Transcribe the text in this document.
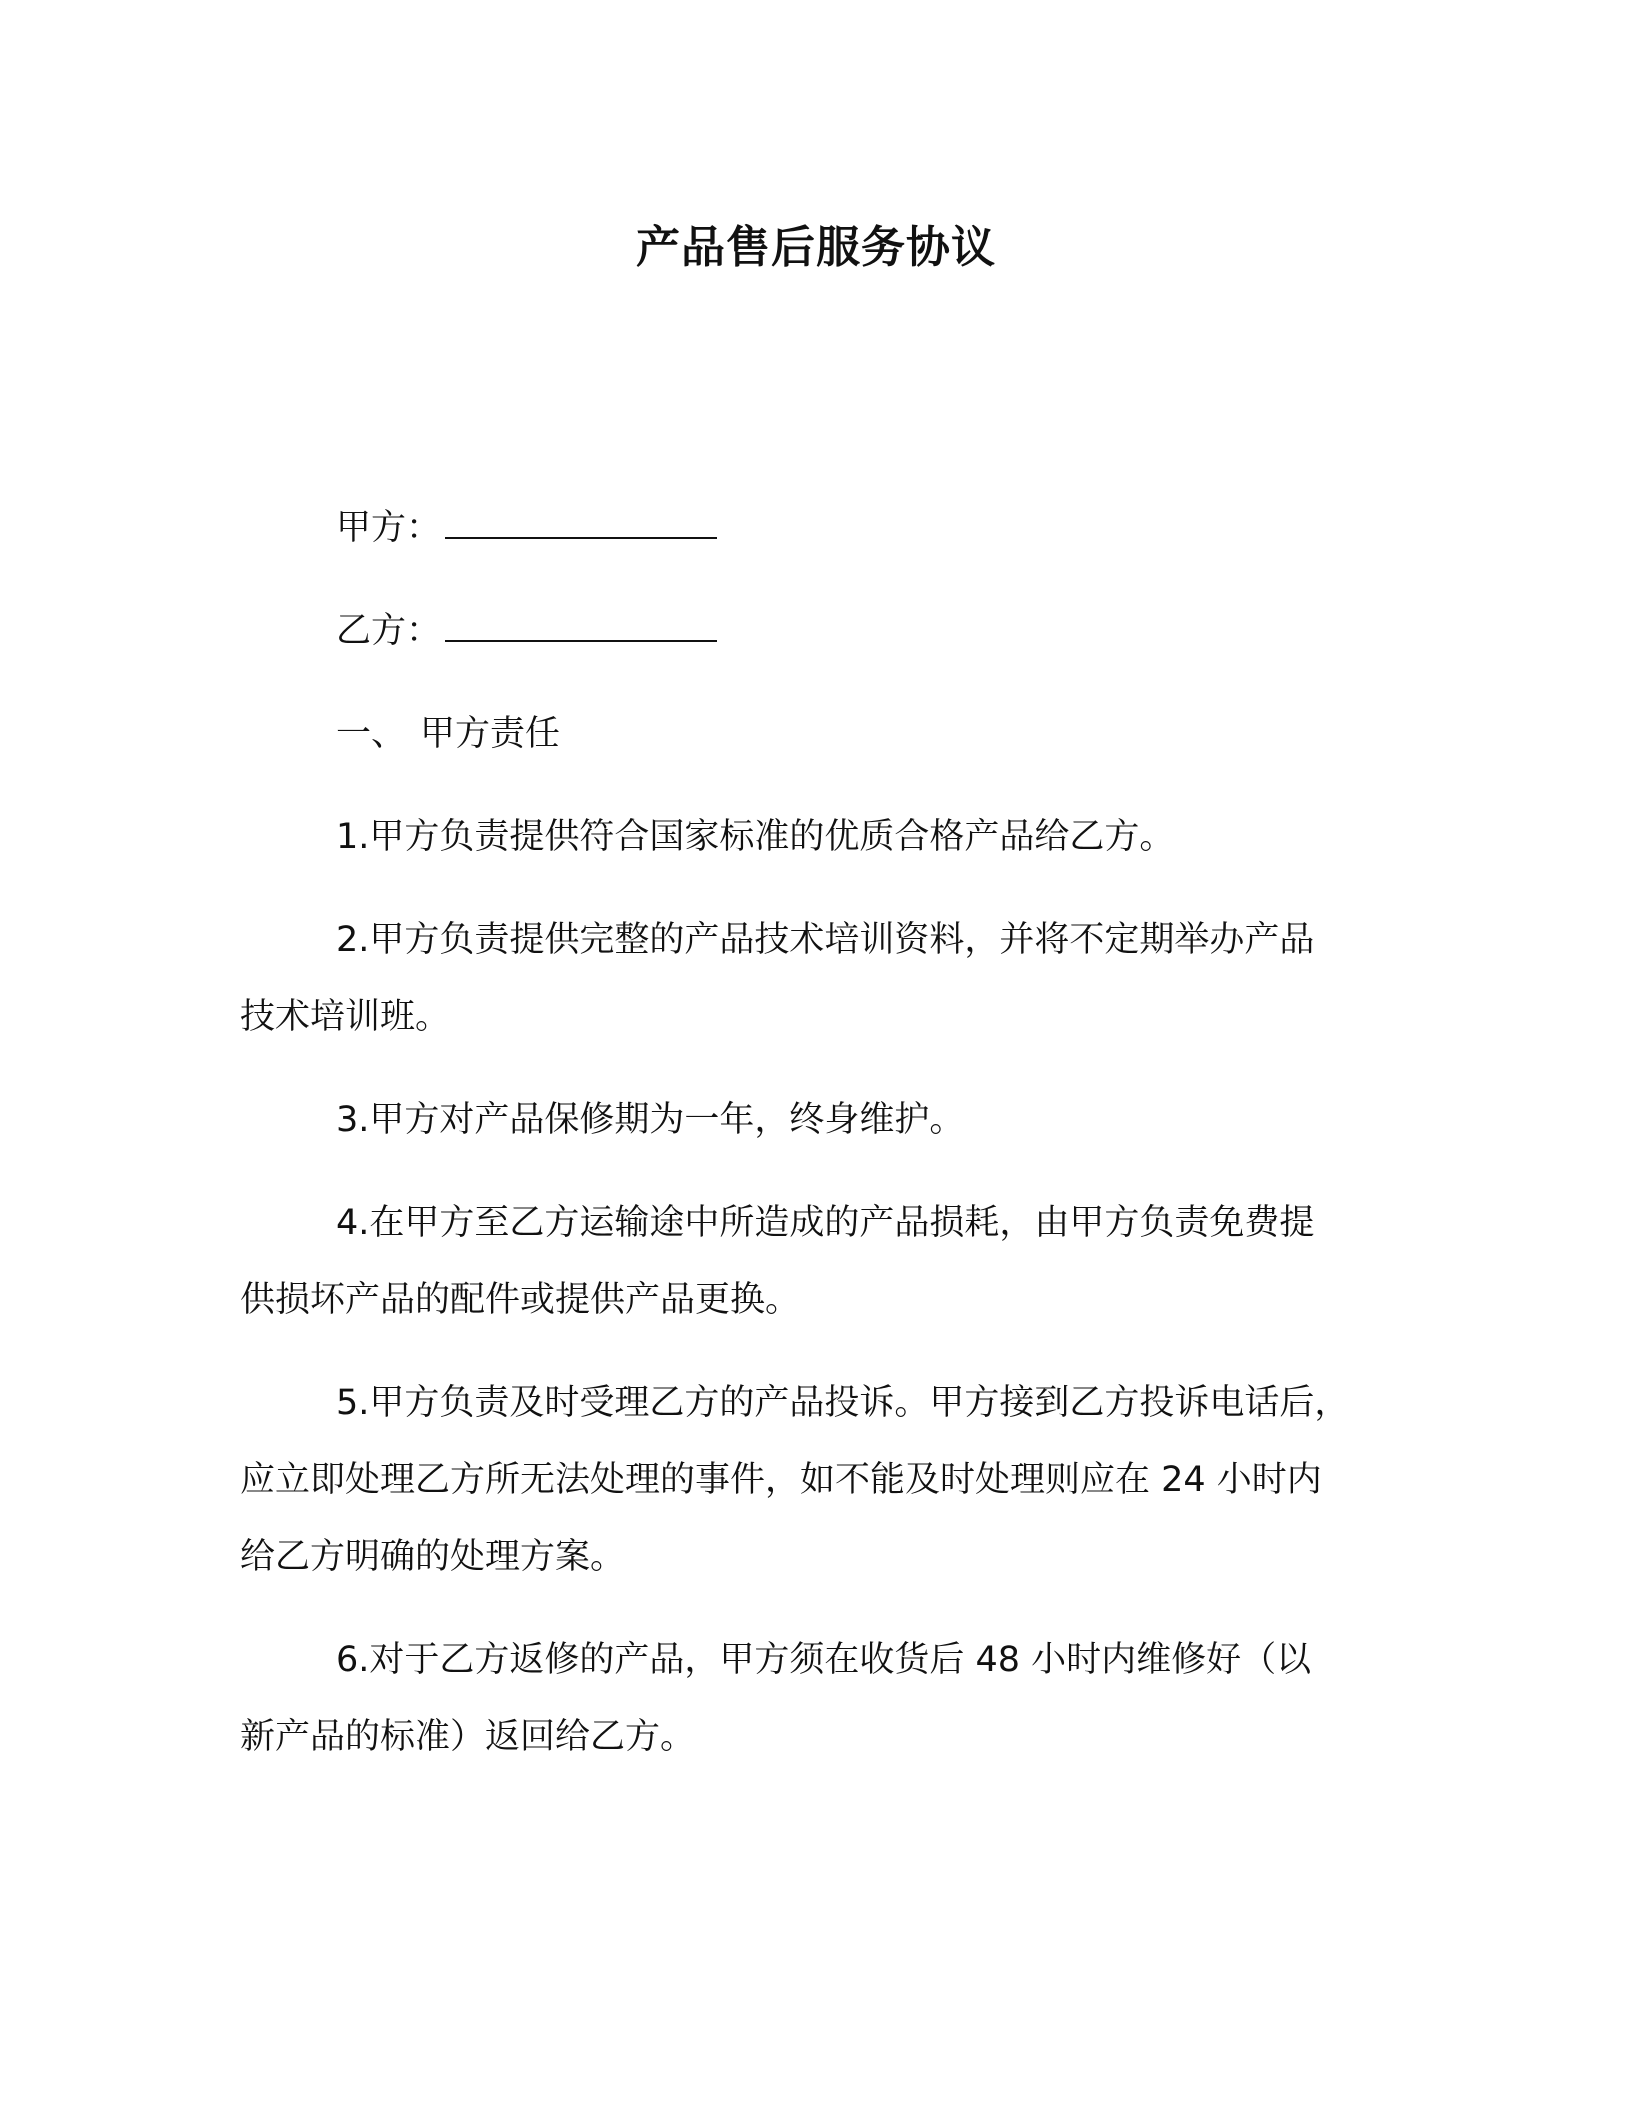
产品售后服务协议

甲方：

乙方：

一、 甲方责任

1.甲方负责提供符合国家标准的优质合格产品给乙方。
2.甲方负责提供完整的产品技术培训资料，并将不定期举办产品
技术培训班。
3.甲方对产品保修期为一年，终身维护。
4.在甲方至乙方运输途中所造成的产品损耗，由甲方负责免费提
供损坏产品的配件或提供产品更换。
5.甲方负责及时受理乙方的产品投诉。甲方接到乙方投诉电话后，
应立即处理乙方所无法处理的事件，如不能及时处理则应在 24 小时内
给乙方明确的处理方案。
6.对于乙方返修的产品，甲方须在收货后 48 小时内维修好（以
新产品的标准）返回给乙方。
